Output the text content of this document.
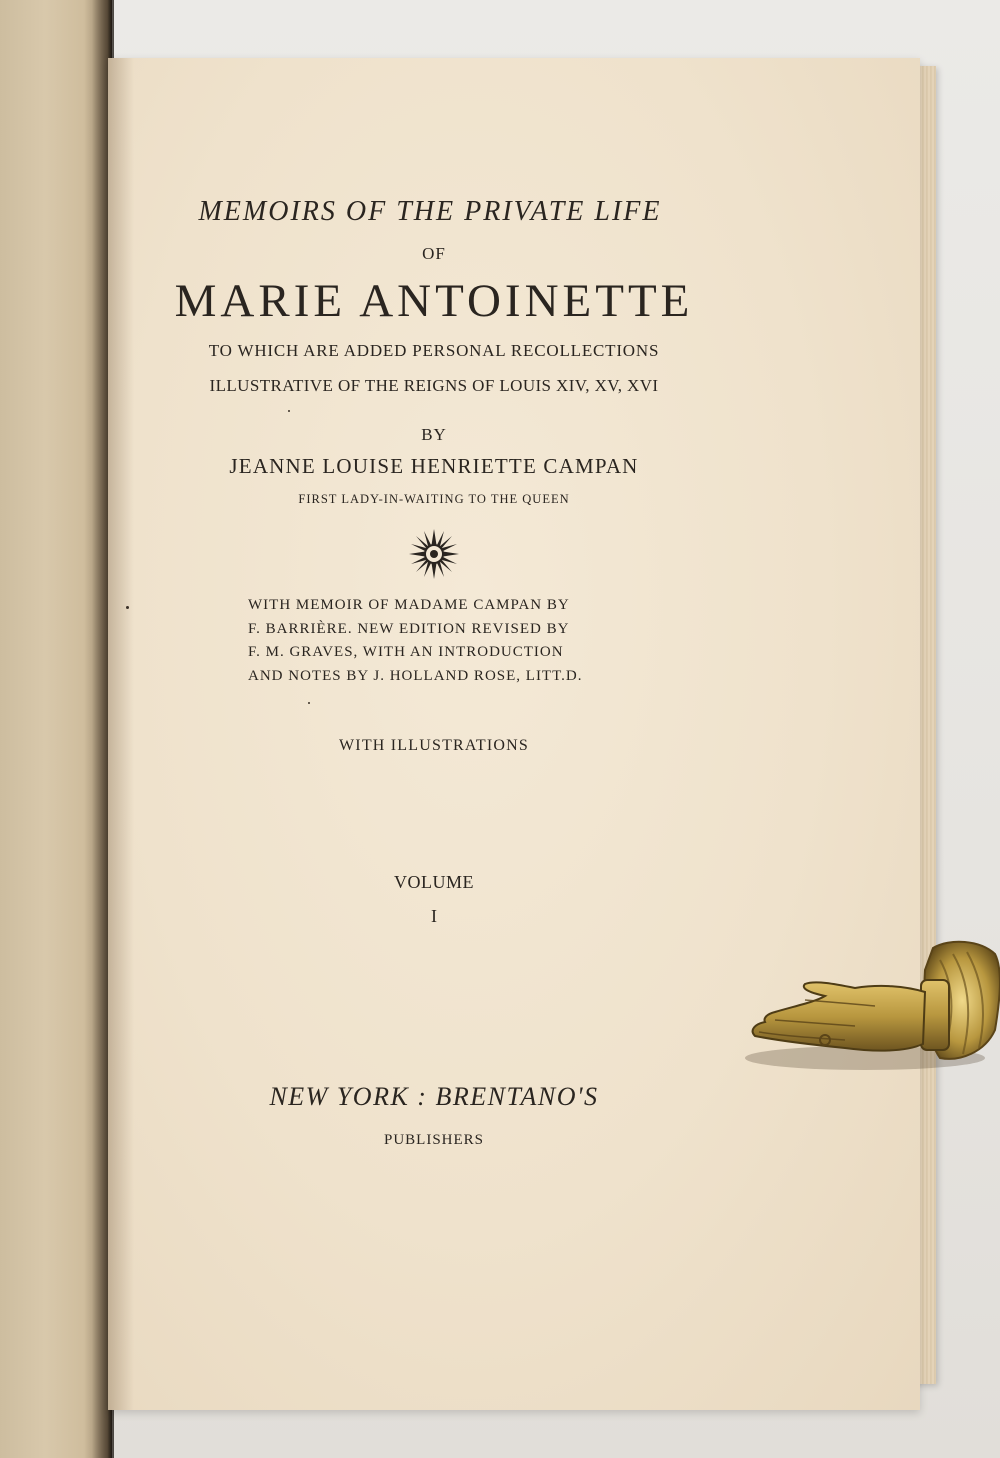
MEMOIRS OF THE PRIVATE LIFE
OF
MARIE ANTOINETTE
TO WHICH ARE ADDED PERSONAL RECOLLECTIONS
ILLUSTRATIVE OF THE REIGNS OF LOUIS XIV, XV, XVI
BY
JEANNE LOUISE HENRIETTE CAMPAN
FIRST LADY-IN-WAITING TO THE QUEEN
WITH MEMOIR OF MADAME CAMPAN BY
F. BARRIÈRE. NEW EDITION REVISED BY
F. M. GRAVES, WITH AN INTRODUCTION
AND NOTES BY J. HOLLAND ROSE, LITT.D.
WITH ILLUSTRATIONS
VOLUME
I
NEW YORK : BRENTANO'S
PUBLISHERS
